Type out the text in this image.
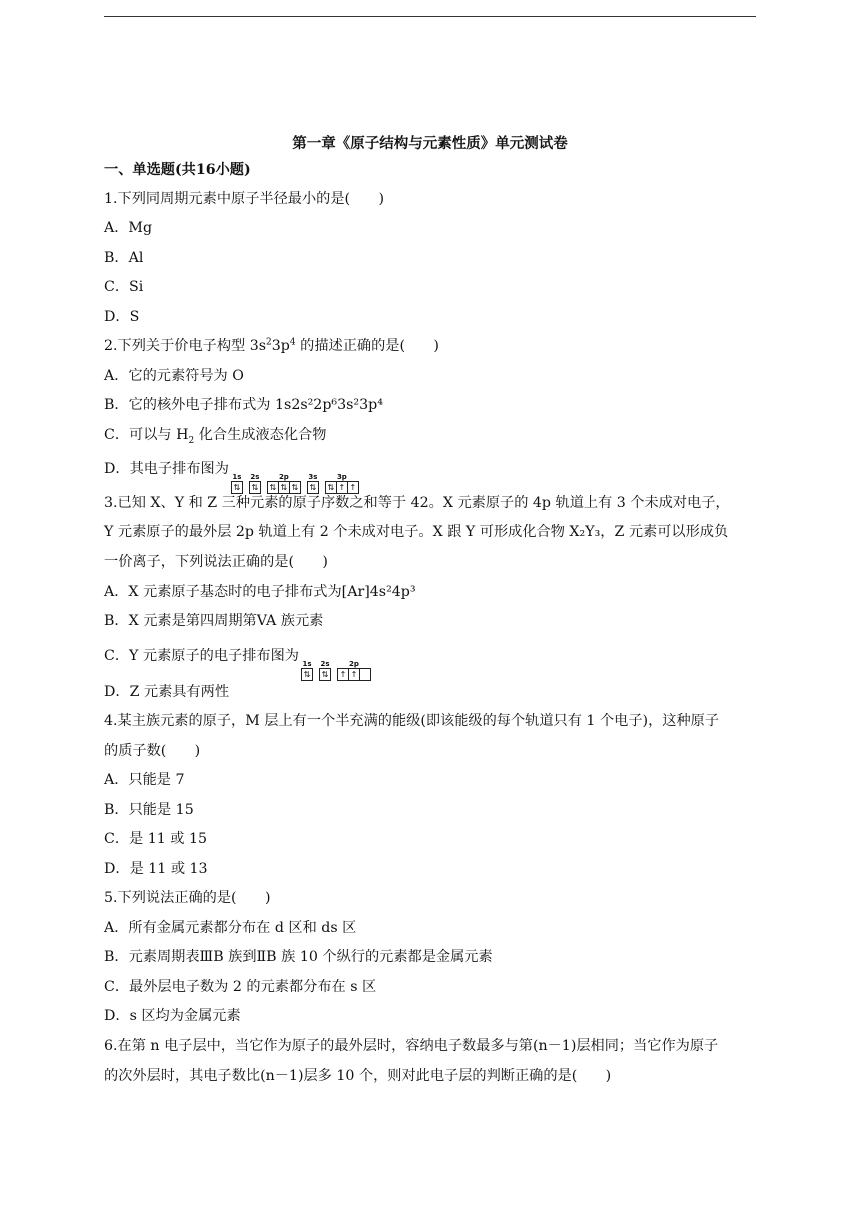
第一章《原子结构与元素性质》单元测试卷
一、单选题(共16小题)
1.下列同周期元素中原子半径最小的是(　　)
A．Mg
B．Al
C．Si
D．S
2.下列关于价电子构型 $3s^23p^4$ 的描述正确的是(　　)
A．它的元素符号为 O
B．它的核外电子排布式为 1s2s²2p⁶3s²3p⁴
C．可以与 $H_2$ 化合生成液态化合物
D．其电子排布图为 1s
⇅
2s
⇅
2p
⇅ ⇅ ⇅
3s
⇅
3p
⇅ ↑ ↑
3.已知 X、Y 和 Z 三种元素的原子序数之和等于 42。X 元素原子的 4p 轨道上有 3 个未成对电子，
Y 元素原子的最外层 2p 轨道上有 2 个未成对电子。X 跟 Y 可形成化合物 X₂Y₃，Z 元素可以形成负
一价离子，下列说法正确的是(　　)
A．X 元素原子基态时的电子排布式为[Ar]4s²4p³
B．X 元素是第四周期第VA 族元素
C．Y 元素原子的电子排布图为 1s
⇅
2s
⇅
2p
↑ ↑
D．Z 元素具有两性
4.某主族元素的原子，M 层上有一个半充满的能级(即该能级的每个轨道只有 1 个电子)，这种原子
的质子数(　　)
A．只能是 7
B．只能是 15
C．是 11 或 15
D．是 11 或 13
5.下列说法正确的是(　　)
A．所有金属元素都分布在 d 区和 ds 区
B．元素周期表ⅢB 族到ⅡB 族 10 个纵行的元素都是金属元素
C．最外层电子数为 2 的元素都分布在 s 区
D．s 区均为金属元素
6.在第 n 电子层中，当它作为原子的最外层时，容纳电子数最多与第(n－1)层相同；当它作为原子
的次外层时，其电子数比(n－1)层多 10 个，则对此电子层的判断正确的是(　　)
